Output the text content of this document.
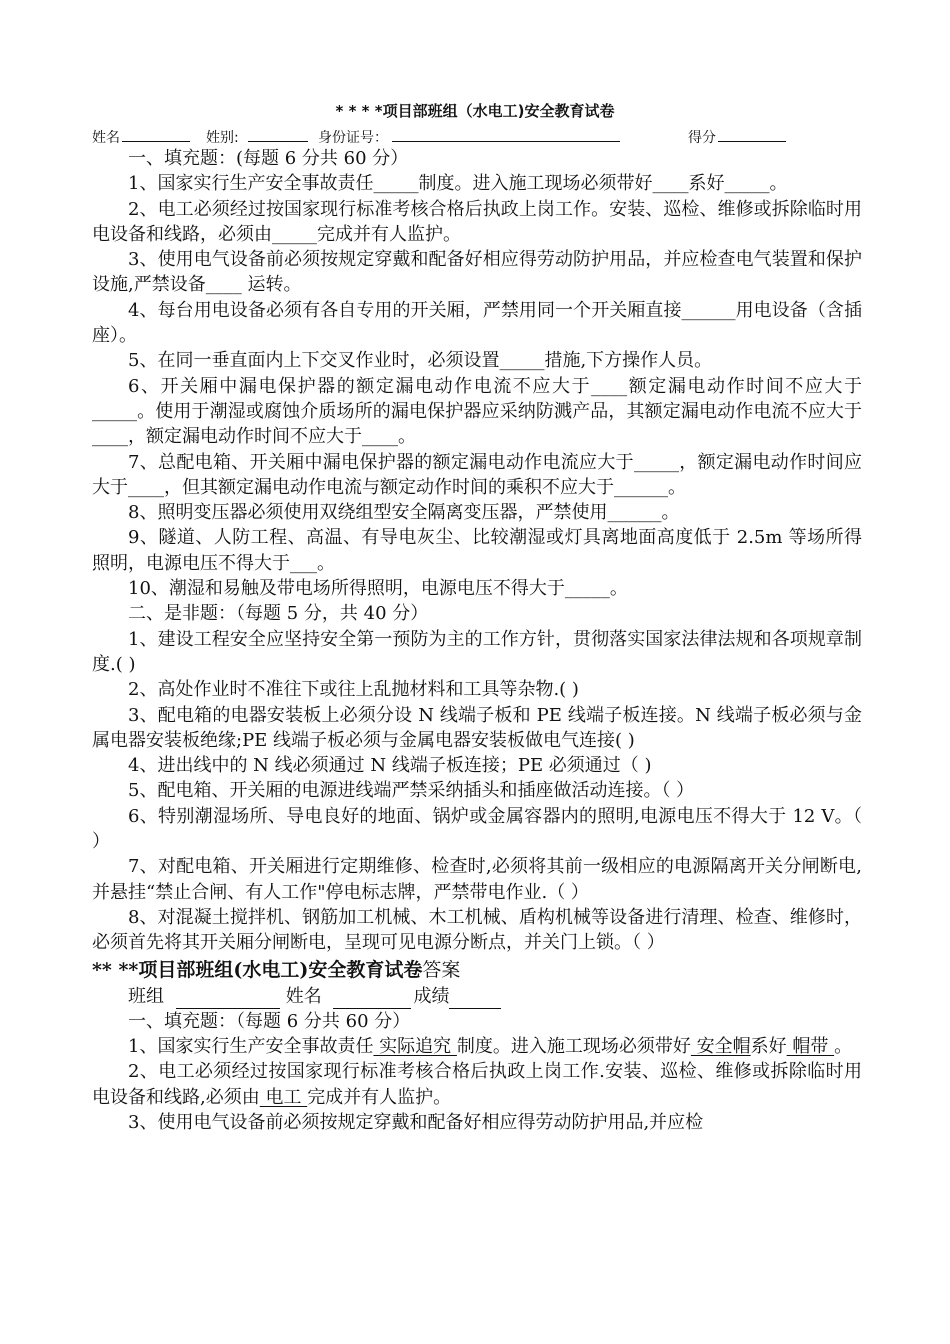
* * * *项目部班组（水电工)安全教育试卷
姓名	姓别:	身份证号：	得分

一、填充题：(每题 6 分共 60 分）

1、国家实行生产安全事故责任_____制度。进入施工现场必须带好____系好_____。

2、电工必须经过按国家现行标准考核合格后执政上岗工作。安装、巡检、维修或拆除临时用电设备和线路，必须由_____完成并有人监护。

3、使用电气设备前必须按规定穿戴和配备好相应得劳动防护用品，并应检查电气装置和保护设施,严禁设备____ 运转。

4、每台用电设备必须有各自专用的开关厢，严禁用同一个开关厢直接______用电设备（含插座）。

5、在同一垂直面内上下交叉作业时，必须设置_____措施,下方操作人员。

6、开关厢中漏电保护器的额定漏电动作电流不应大于____额定漏电动作时间不应大于_____。使用于潮湿或腐蚀介质场所的漏电保护器应采纳防溅产品，其额定漏电动作电流不应大于____，额定漏电动作时间不应大于____。

7、总配电箱、开关厢中漏电保护器的额定漏电动作电流应大于_____，额定漏电动作时间应大于____，但其额定漏电动作电流与额定动作时间的乘积不应大于______。

8、照明变压器必须使用双绕组型安全隔离变压器，严禁使用______。

9、隧道、人防工程、高温、有导电灰尘、比较潮湿或灯具离地面高度低于 2.5m 等场所得照明，电源电压不得大于___。

10、潮湿和易触及带电场所得照明，电源电压不得大于_____。

二、是非题：（每题 5 分，共 40 分）

1、建设工程安全应坚持安全第一预防为主的工作方针，贯彻落实国家法律法规和各项规章制度.( )

2、高处作业时不准往下或往上乱抛材料和工具等杂物.( )

3、配电箱的电器安装板上必须分设 N 线端子板和 PE 线端子板连接。N 线端子板必须与金属电器安装板绝缘;PE 线端子板必须与金属电器安装板做电气连接( )

4、进出线中的 N 线必须通过 N 线端子板连接；PE 必须通过（ )

5、配电箱、开关厢的电源进线端严禁采纳插头和插座做活动连接。（ ）

6、特别潮湿场所、导电良好的地面、锅炉或金属容器内的照明,电源电压不得大于 12 V。（ ）

7、对配电箱、开关厢进行定期维修、检查时,必须将其前一级相应的电源隔离开关分闸断电,并悬挂“禁止合闸、有人工作"停电标志牌，严禁带电作业.（ ）

8、对混凝土搅拌机、钢筋加工机械、木工机械、盾构机械等设备进行清理、检查、维修时，必须首先将其开关厢分闸断电，呈现可见电源分断点，并关门上锁。（ ）

** **项目部班组(水电工)安全教育试卷答案

班组	姓名	成绩

一、填充题：（每题 6 分共 60 分）

1、国家实行生产安全事故责任 实际追究 制度。进入施工现场必须带好 安全帽系好 帽带 。

2、电工必须经过按国家现行标准考核合格后执政上岗工作.安装、巡检、维修或拆除临时用电设备和线路,必须由 电工 完成并有人监护。

3、使用电气设备前必须按规定穿戴和配备好相应得劳动防护用品,并应检
